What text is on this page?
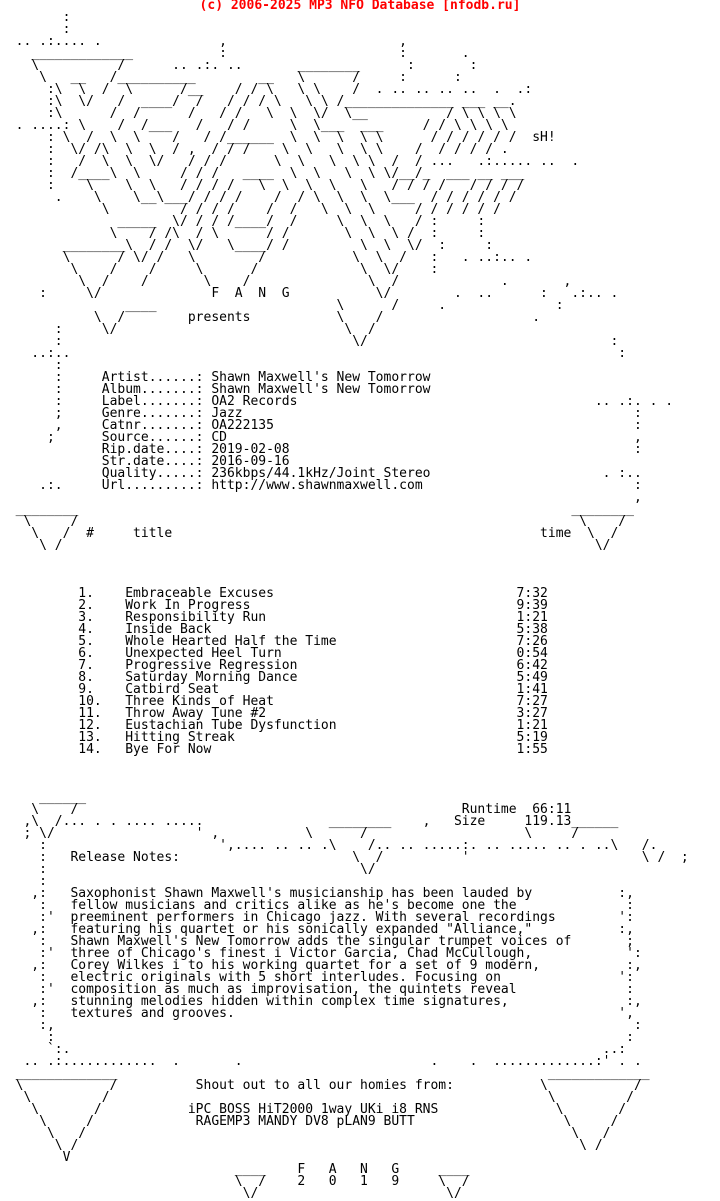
(c) 2006-2025 MP3 NFO Database [nfodb.ru]
:
:
.. .:.... .               ,                      ,
_____________           :                      :       .
\          /      .. .:. ..       ________      :       :
\   __   /__________        __   \      /     :      :
:\  \  /  \      /__    / / \   \ \    /  . .. .. .. ..  .  .:
:\  \/   /  ____/  /   / / / \   \ \ /______________ ___ __.
:\      /  /      /   / /   \  \  \/  \__          / \ \ \ \
. ....: \    /  /___   /   / /     \  \___  ___     / / \ \ \ \
: \  /  \  \    /   / /______  \  \  \  \ \      / / / / / /  sH!
:  \/ /\  \  \  / ,  / / /    \  \   \  \ \    /  / / / / .
:   /  \  \  \/   / / /      \  \   \  \ \  /  / ...   .:..... ..  .
:  /____\  \     / / /   ____  \  \   \  \ \/__/_  ___ __ ___
:    \    \  \   / / / /   \  \  \  \   \   / / / /   / / / /
.    \    \__\___/ / / /    /  / \  \  \  \___  / / / / / /
\         / / / /    /  /   \  \  \     / / / / / /
_____  \/ / / /____/  /     \  \  \   / :     :
\    / /\  / \      / /       \  \  \ /  :     :
________\  / /  \/   \____/ /         \  \  \/  :     :
\      / \/ /   \        /           \  \  /   :   . ..:.. .
\    /    /     \      /             \  \/    :
\  /    /       \    /               \  /             .       ,
:     \/              F  A  N  G           \/        .  ..      :   .:.. .
____                       \      /     .              :
\  /        presents           \    /                   .
:     \/                             \  /
:                                     \/                               :
..:..                                                                      :
:
:     Artist......: Shawn Maxwell's New Tomorrow
:     Album.......: Shawn Maxwell's New Tomorrow
:     Label.......: OA2 Records                                      .. .:. . .
;     Genre.......: Jazz                                                  :
,     Catnr.......: OA222135                                              :
;      Source......: CD                                                    ,
Rip.date....: 2019-02-08                                            :
Str.date....: 2016-09-16
Quality.....: 236kbps/44.1kHz/Joint Stereo                      . :..
.:.     Url.........: http://www.shawnmaxwell.com                           :
,
________                                                               ________
\     /                                                                \    /
\   /  #     title                                               time  \  /
\ /                                                                    \/

1.    Embraceable Excuses                               7:32
2.    Work In Progress                                  9:39
3.    Responsibility Run                                1:21
4.    Inside Back                                       5:38
5.    Whole Hearted Half the Time                       7:26
6.    Unexpected Heel Turn                              0:54
7.    Progressive Regression                            6:42
8.    Saturday Morning Dance                            5:49
9.    Catbird Seat                                      1:41
10.   Three Kinds of Heat                               7:27
11.   Throw Away Tune #2                                3:27
12.   Eustachian Tube Dysfunction                       1:21
13.   Hitting Streak                                    5:19
14.   Bye For Now                                       1:55

______
\    /                                                 Runtime  66:11
,\  /... . . .... .....                ________    ,   Size     119.13______
; \/                  ' ,           \      /                    \     /
:                      ',.... .. .. .\    /.. .. .....:. .. ..... .. . ..\   /.
:   Release Notes:                      \  /          '                      \ /  ;
:                                        \/
:
,:   Saxophonist Shawn Maxwell's musicianship has been lauded by           :,
:   fellow musicians and critics alike as he's become one the              :
:'  preeminent performers in Chicago jazz. With several recordings        ':
,:   featuring his quartet or his sonically expanded "Alliance,"           :,
:   Shawn Maxwell's New Tomorrow adds the singular trumpet voices of       ;
:'  three of Chicago's finest i Victor Garcia, Chad McCullough,            ':
,:   Corey Wilkes i to his working quartet for a set of 9 modern,           :,
:   electric originals with 5 short interludes. Focusing on               ':
:'  composition as much as improvisation, the quintets reveal              :
,:   stunning melodies hidden within complex time signatures,               :,
:   textures and grooves.                                                 ',
:,                                                                          :
:                                                                         :
`:.                                                                    ..:
.. .:............  .       .                        .    .  .............:' . .
_____________                                                       _____________
\           /          Shout out to all our homies from:           \           /
\         /                                                        \         /
\       /           iPC BOSS HiT2000 1way UKi i8 RNS               \       /
\     /             RAGEMP3 MANDY DV8 pLAN9 BUTT                   \     /
\   /                                                              \   /
\ /                                                                \ /
V
____    F   A   N   G     ____
\  /    2   0   1   9     \  /
\/                        \/
